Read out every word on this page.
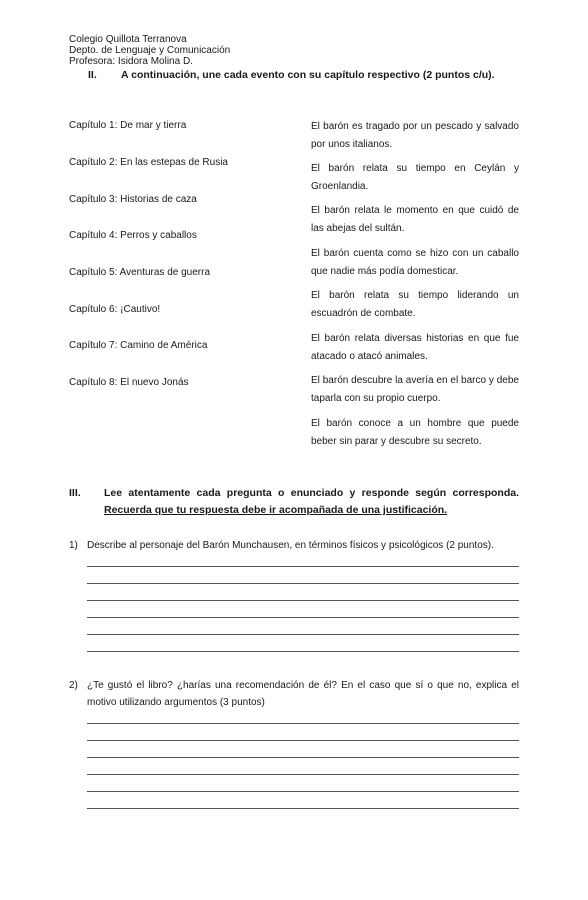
Colegio Quillota Terranova
Depto. de Lenguaje y Comunicación
Profesora: Isidora Molina D.
II. A continuación, une cada evento con su capítulo respectivo (2 puntos c/u).
Capítulo 1: De mar y tierra
Capítulo 2: En las estepas de Rusia
Capítulo 3: Historias de caza
Capítulo 4: Perros y caballos
Capítulo 5: Aventuras de guerra
Capítulo 6: ¡Cautivo!
Capítulo 7: Camino de América
Capítulo 8: El nuevo Jonás
El barón es tragado por un pescado y salvado por unos italianos.
El barón relata su tiempo en Ceylán y Groenlandia.
El barón relata le momento en que cuidó de las abejas del sultán.
El barón cuenta como se hizo con un caballo que nadie más podía domesticar.
El barón relata su tiempo liderando un escuadrón de combate.
El barón relata diversas historias en que fue atacado o atacó animales.
El barón descubre la avería en el barco y debe taparla con su propio cuerpo.
El barón conoce a un hombre que puede beber sin parar y descubre su secreto.
III. Lee atentamente cada pregunta o enunciado y responde según corresponda. Recuerda que tu respuesta debe ir acompañada de una justificación.
1) Describe al personaje del Barón Munchausen, en términos físicos y psicológicos (2 puntos).
2) ¿Te gustó el libro? ¿harías una recomendación de él? En el caso que sí o que no, explica el motivo utilizando argumentos (3 puntos)
